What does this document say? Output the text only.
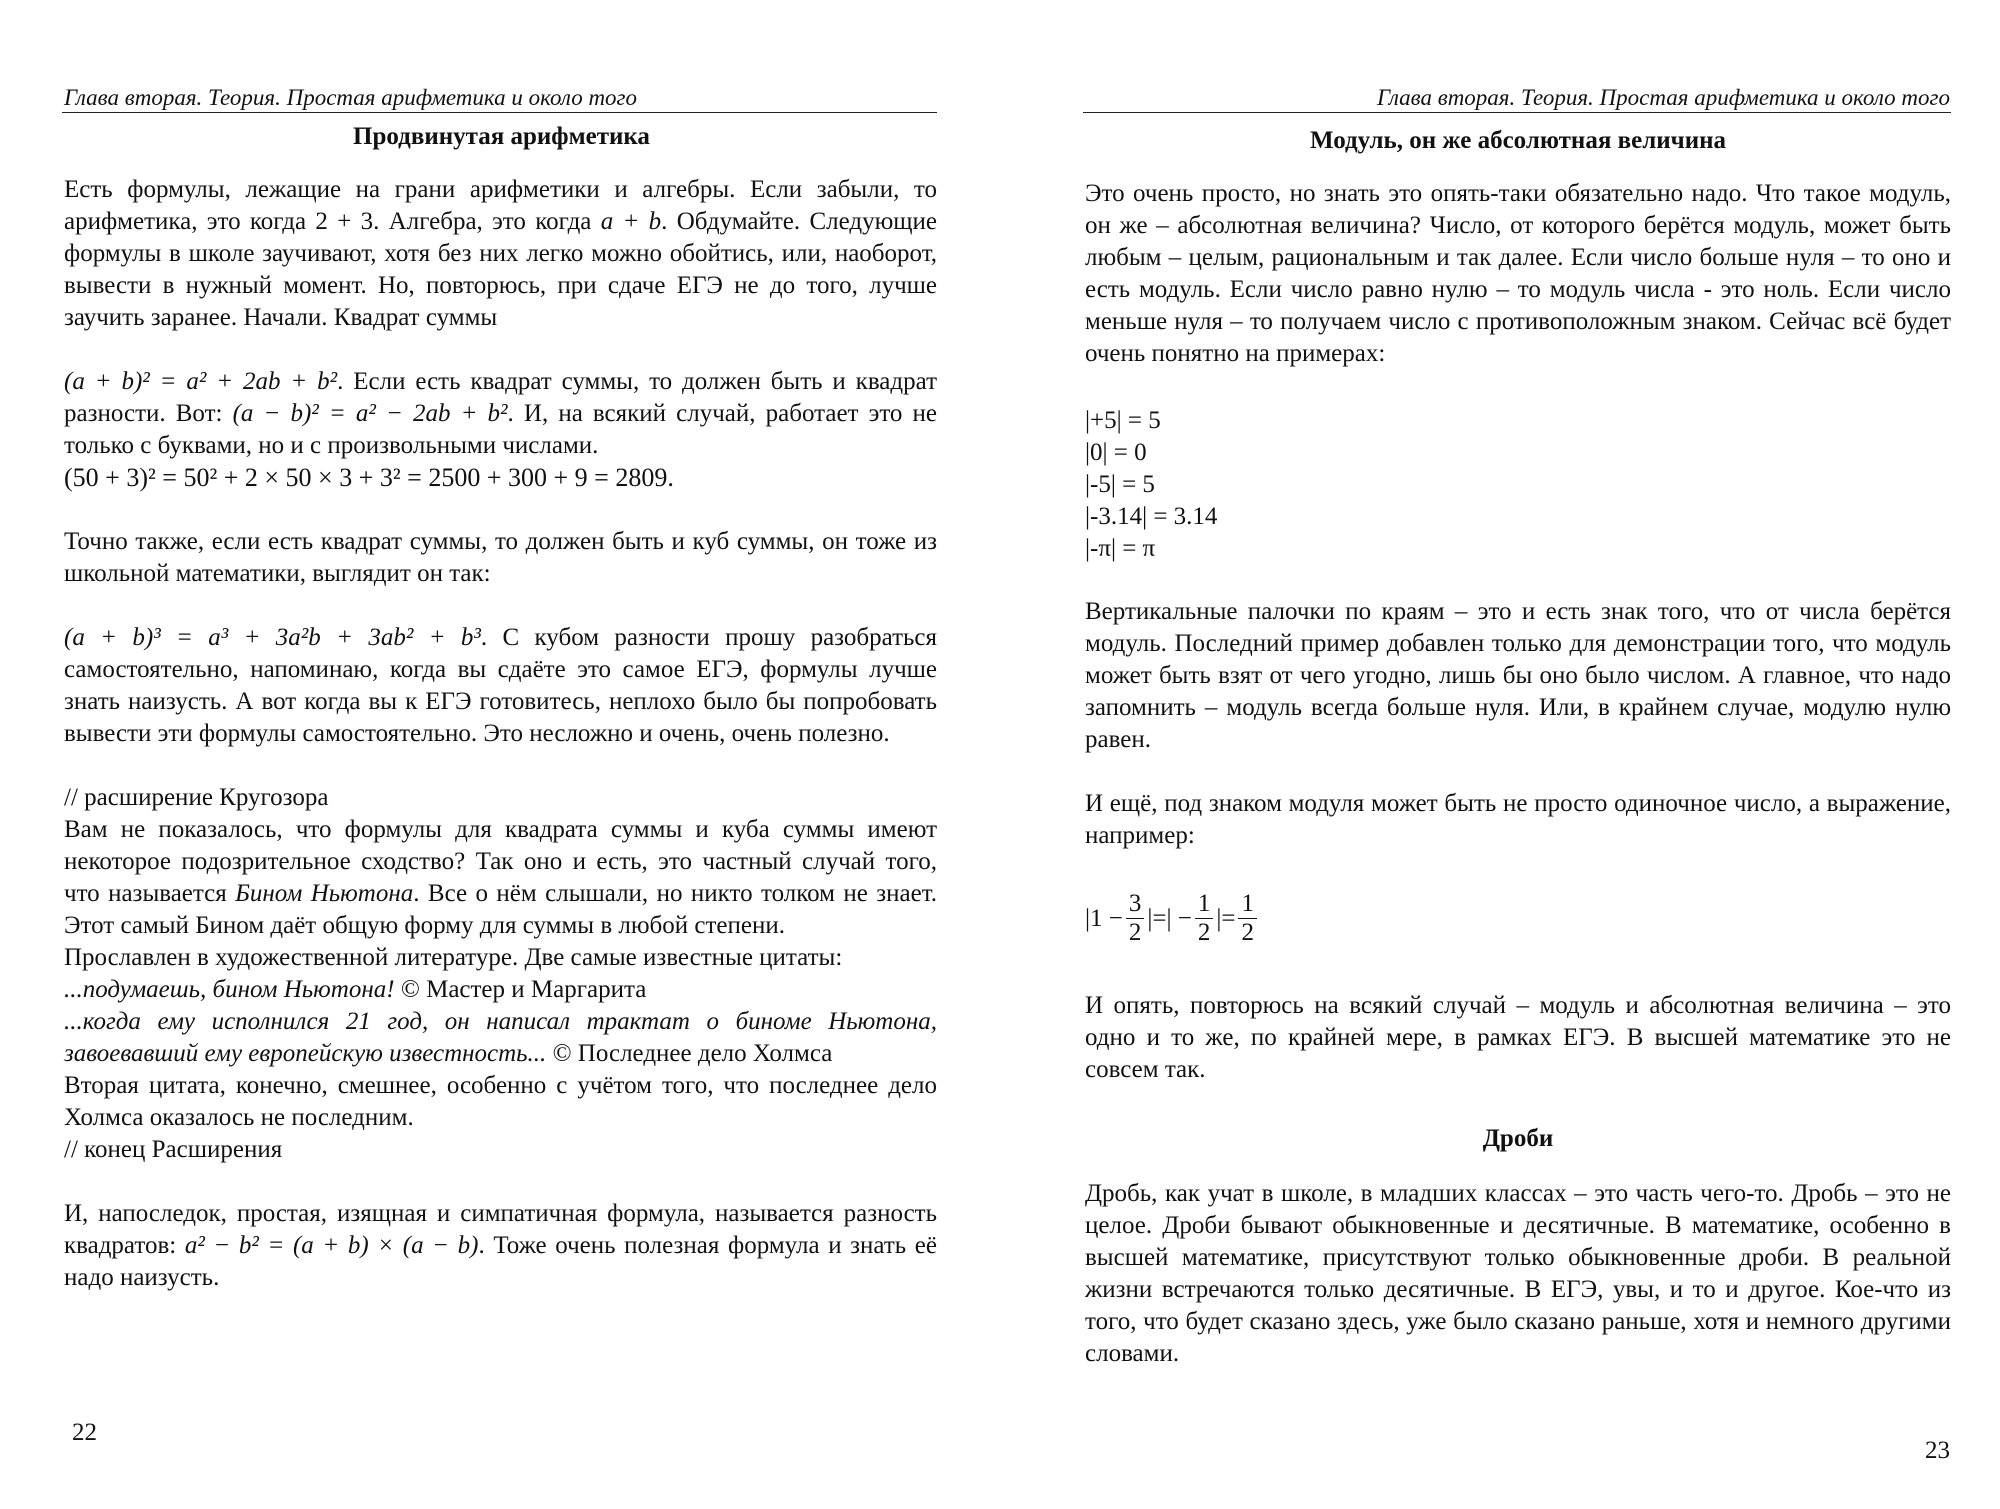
Глава вторая. Теория. Простая арифметика и около того
Продвинутая арифметика

Есть формулы, лежащие на грани арифметики и алгебры. Если забыли, то арифметика, это когда 2 + 3. Алгебра, это когда a + b. Обдумайте. Следующие формулы в школе заучивают, хотя без них легко можно обойтись, или, наоборот, вывести в нужный момент. Но, повторюсь, при сдаче ЕГЭ не до того, лучше заучить заранее. Начали. Квадрат суммы

(a + b)² = a² + 2ab + b². Если есть квадрат суммы, то должен быть и квадрат разности. Вот: (a − b)² = a² − 2ab + b². И, на всякий случай, работает это не только с буквами, но и с произвольными числами.

(50 + 3)² = 50² + 2 × 50 × 3 + 3² = 2500 + 300 + 9 = 2809.

Точно также, если есть квадрат суммы, то должен быть и куб суммы, он тоже из школьной математики, выглядит он так:

(a + b)³ = a³ + 3a²b + 3ab² + b³. С кубом разности прошу разобраться самостоятельно, напоминаю, когда вы сдаёте это самое ЕГЭ, формулы лучше знать наизусть. А вот когда вы к ЕГЭ готовитесь, неплохо было бы попробовать вывести эти формулы самостоятельно. Это несложно и очень, очень полезно.

// расширение Кругозора

Вам не показалось, что формулы для квадрата суммы и куба суммы имеют некоторое подозрительное сходство? Так оно и есть, это частный случай того, что называется Бином Ньютона. Все о нём слышали, но никто толком не знает. Этот самый Бином даёт общую форму для суммы в любой степени.

Прославлен в художественной литературе. Две самые известные цитаты:

...подумаешь, бином Ньютона! © Мастер и Маргарита

...когда ему исполнился 21 год, он написал трактат о биноме Ньютона, завоевавший ему европейскую известность... © Последнее дело Холмса

Вторая цитата, конечно, смешнее, особенно с учётом того, что последнее дело Холмса оказалось не последним.

// конец Расширения

И, напоследок, простая, изящная и симпатичная формула, называется разность квадратов: a² − b² = (a + b) × (a − b). Тоже очень полезная формула и знать её надо наизусть.

22
Глава вторая. Теория. Простая арифметика и около того
Модуль, он же абсолютная величина

Это очень просто, но знать это опять-таки обязательно надо. Что такое модуль, он же – абсолютная величина? Число, от которого берётся модуль, может быть любым – целым, рациональным и так далее. Если число больше нуля – то оно и есть модуль. Если число равно нулю – то модуль числа - это ноль. Если число меньше нуля – то получаем число с противоположным знаком. Сейчас всё будет очень понятно на примерах:

|+5| = 5
|0| = 0
|-5| = 5
|-3.14| = 3.14
|-π| = π

Вертикальные палочки по краям – это и есть знак того, что от числа берётся модуль. Последний пример добавлен только для демонстрации того, что модуль может быть взят от чего угодно, лишь бы оно было числом. А главное, что надо запомнить – модуль всегда больше нуля. Или, в крайнем случае, модулю нулю равен.

И ещё, под знаком модуля может быть не просто одиночное число, а выражение, например:

$|1 - \frac{3}{2}$ |=| − $\frac{1}{2}$ |= $\frac{1}{2}$

И опять, повторюсь на всякий случай – модуль и абсолютная величина – это одно и то же, по крайней мере, в рамках ЕГЭ. В высшей математике это не совсем так.

Дроби

Дробь, как учат в школе, в младших классах – это часть чего-то. Дробь – это не целое. Дроби бывают обыкновенные и десятичные. В математике, особенно в высшей математике, присутствуют только обыкновенные дроби. В реальной жизни встречаются только десятичные. В ЕГЭ, увы, и то и другое. Кое-что из того, что будет сказано здесь, уже было сказано раньше, хотя и немного другими словами.

23
